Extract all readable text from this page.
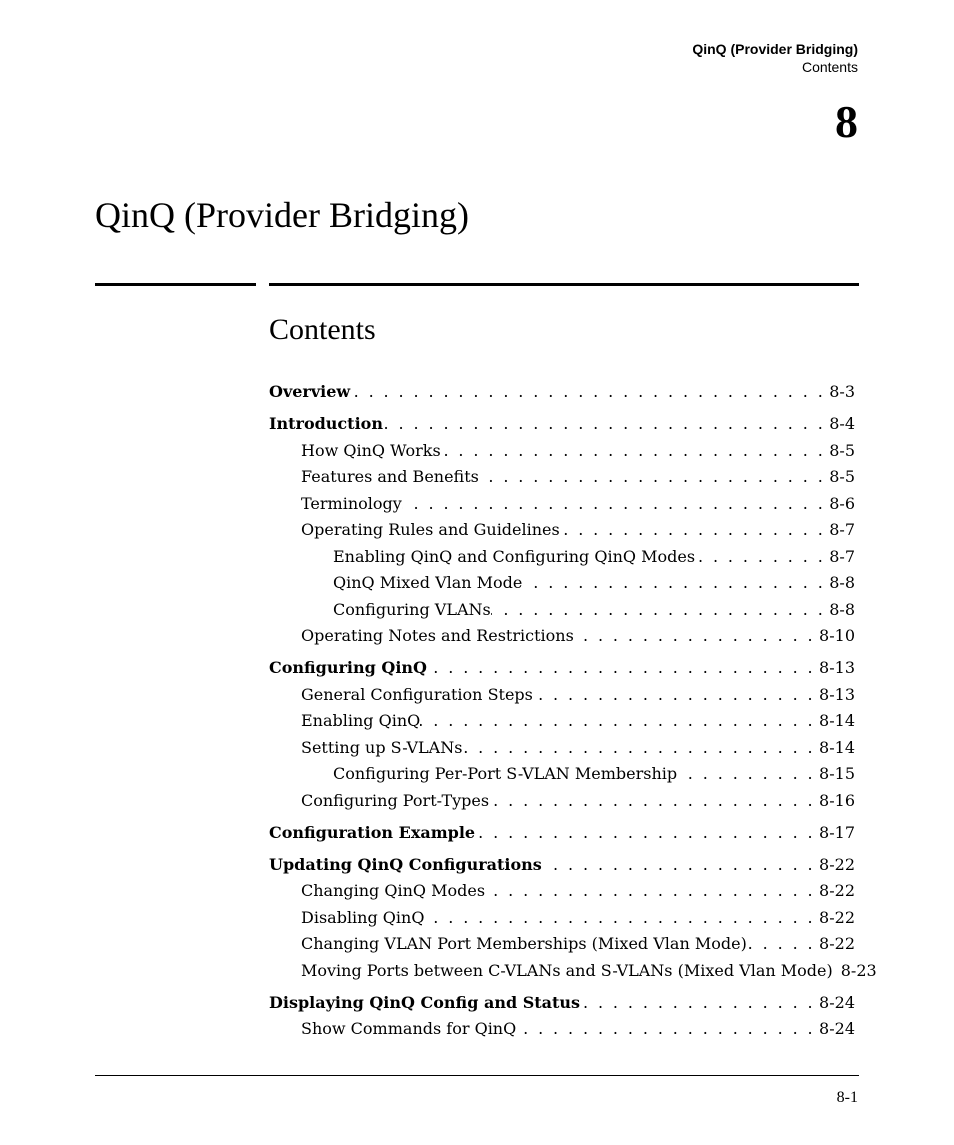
QinQ (Provider Bridging)
Contents
8
QinQ (Provider Bridging)
Contents
Overview . . .	8-3
Introduction . . .	8-4
How QinQ Works . . .	8-5
Features and Benefits . . .	8-5
Terminology . . .	8-6
Operating Rules and Guidelines . . .	8-7
Enabling QinQ and Configuring QinQ Modes . . .	8-7
QinQ Mixed Vlan Mode . . .	8-8
Configuring VLANs . . .	8-8
Operating Notes and Restrictions . . .	8-10
Configuring QinQ . . .	8-13
General Configuration Steps . . .	8-13
Enabling QinQ . . .	8-14
Setting up S-VLANs . . .	8-14
Configuring Per-Port S-VLAN Membership . . .	8-15
Configuring Port-Types . . .	8-16
Configuration Example . . .	8-17
Updating QinQ Configurations . . .	8-22
Changing QinQ Modes . . .	8-22
Disabling QinQ . . .	8-22
Changing VLAN Port Memberships (Mixed Vlan Mode) . . .	8-22
Moving Ports between C-VLANs and S-VLANs (Mixed Vlan Mode) . . . 8-23
Displaying QinQ Config and Status . . .	8-24
Show Commands for QinQ . . .	8-24
8-1
